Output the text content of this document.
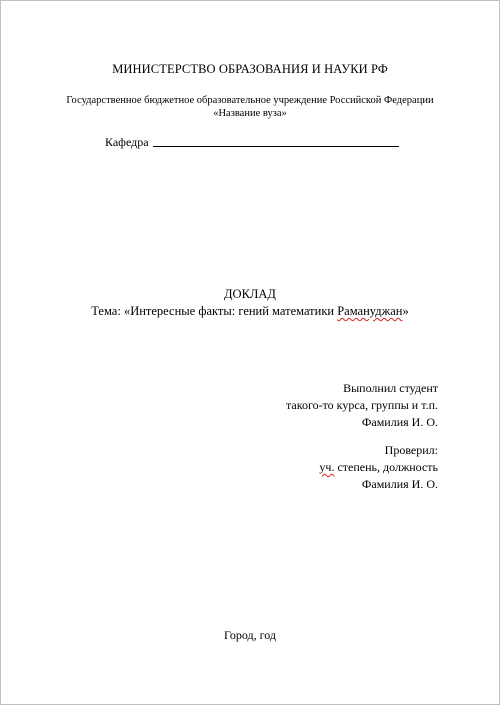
МИНИСТЕРСТВО ОБРАЗОВАНИЯ И НАУКИ РФ
Государственное бюджетное образовательное учреждение Российской Федерации
«Название вуза»
Кафедра
ДОКЛАД
Тема: «Интересные факты: гений математики Рамануджан»
Выполнил студент
такого-то курса, группы и т.п.
Фамилия И. О.
Проверил:
уч. степень, должность
Фамилия И. О.
Город, год
